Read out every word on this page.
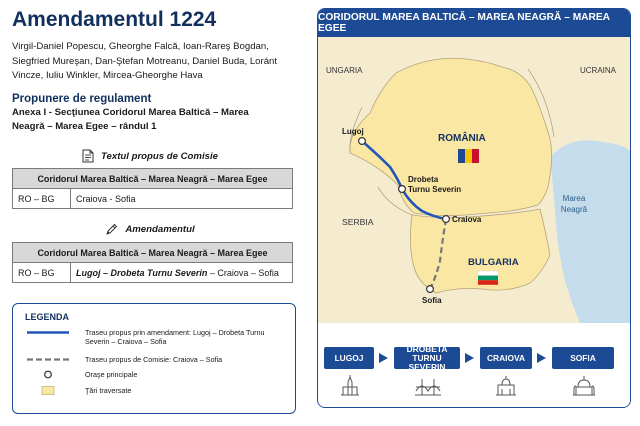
Amendamentul 1224
Virgil-Daniel Popescu, Gheorghe Falcă, Ioan-Rareş Bogdan, Siegfried Mureşan, Dan-Ştefan Motreanu, Daniel Buda, Loránt Vincze, Iuliu Winkler, Mircea-Gheorghe Hava
Propunere de regulament
Anexa I - Secţiunea Coridorul Marea Baltică – Marea Neagră – Marea Egee – rândul 1
Textul propus de Comisie
Coridorul Marea Baltică – Marea Neagră – Marea Egee
RO – BG	Craiova - Sofia
Amendamentul
Coridorul Marea Baltică – Marea Neagră – Marea Egee
RO – BG	Lugoj – Drobeta Turnu Severin – Craiova – Sofia
LEGENDA
Traseu propus prin amendament: Lugoj – Drobeta Turnu Severin – Craiova – Sofia
Traseu propus de Comisie: Craiova – Sofia
Oraşe principale
Ţări traversate
CORIDORUL MAREA BALTICĂ – MAREA NEAGRĂ – MAREA EGEE
UNGARIA	UCRAINA
ROMÂNIA
SERBIA
BULGARIA
Marea
Neagră
Lugoj
Drobeta
Turnu Severin
Craiova
Sofia
LUGOJ
DROBETA
TURNU SEVERIN
CRAIOVA	SOFIA
